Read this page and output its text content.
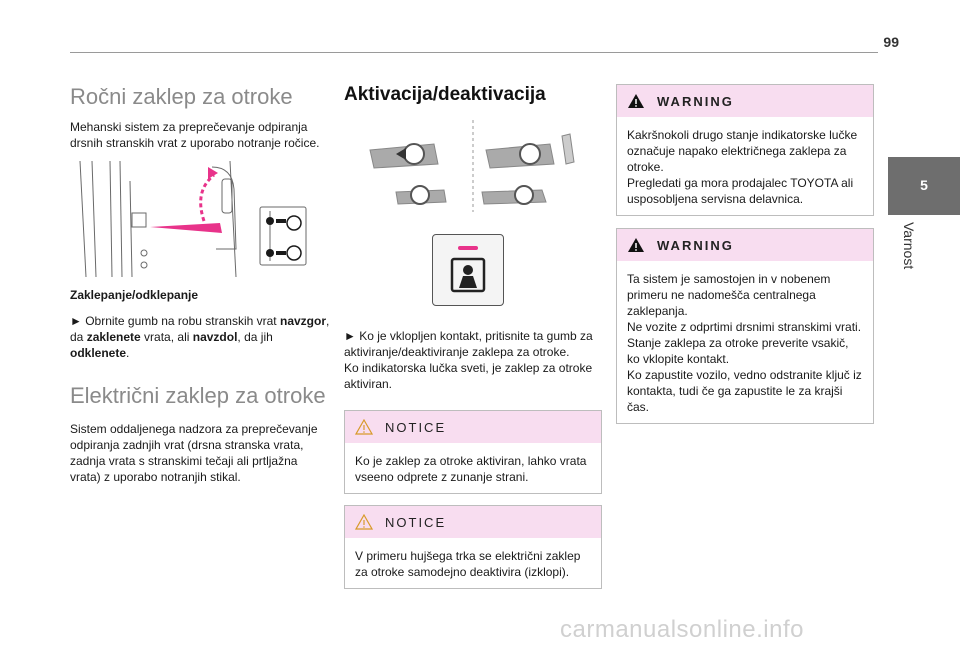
99
5
Varnost
Ročni zaklep za otroke

Mehanski sistem za preprečevanje odpiranja drsnih stranskih vrat z uporabo notranje ročice.

Zaklepanje/odklepanje

► Obrnite gumb na robu stranskih vrat navzgor, da zaklenete vrata, ali navzdol, da jih odklenete.

Električni zaklep za otroke

Sistem oddaljenega nadzora za preprečevanje odpiranja zadnjih vrat (drsna stranska vrata, zadnja vrata s stranskimi tečaji ali prtljažna vrata) z uporabo notranjih stikal.

Aktivacija/deaktivacija

► Ko je vklopljen kontakt, pritisnite ta gumb za aktiviranje/deaktiviranje zaklepa za otroke.

Ko indikatorska lučka sveti, je zaklep za otroke aktiviran.

NOTICE

Ko je zaklep za otroke aktiviran, lahko vrata vseeno odprete z zunanje strani.

NOTICE

V primeru hujšega trka se električni zaklep za otroke samodejno deaktivira (izklopi).

WARNING

Kakršnokoli drugo stanje indikatorske lučke označuje napako električnega zaklepa za otroke.

Pregledati ga mora prodajalec TOYOTA ali usposobljena servisna delavnica.

WARNING

Ta sistem je samostojen in v nobenem primeru ne nadomešča centralnega zaklepanja.

Ne vozite z odprtimi drsnimi stranskimi vrati.

Stanje zaklepa za otroke preverite vsakič, ko vklopite kontakt.

Ko zapustite vozilo, vedno odstranite ključ iz kontakta, tudi če ga zapustite le za krajši čas.

carmanualsonline.info
